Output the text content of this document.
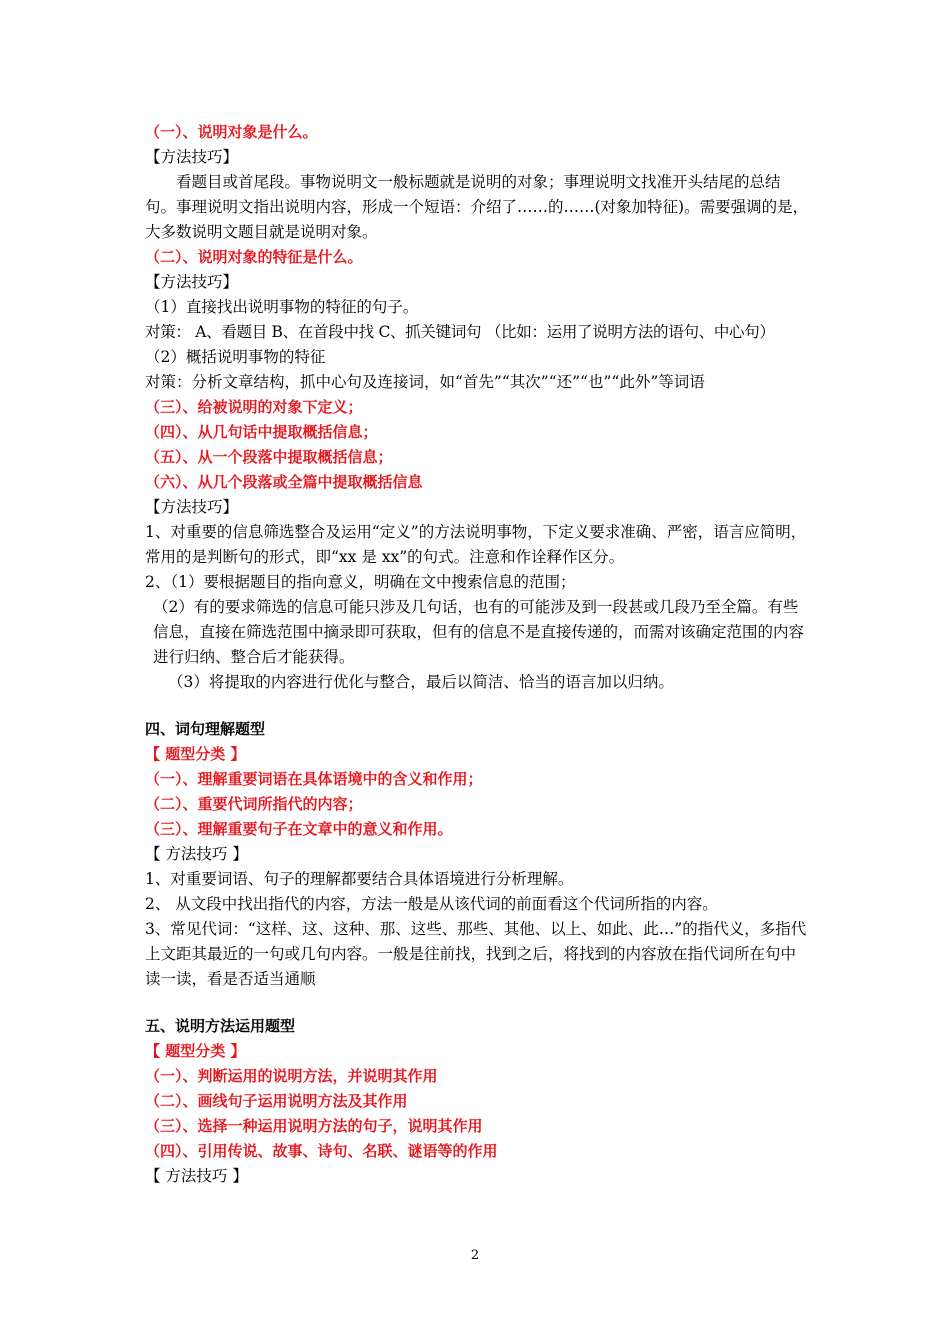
（一）、说明对象是什么。
【方法技巧】
看题目或首尾段。事物说明文一般标题就是说明的对象；事理说明文找准开头结尾的总结句。事理说明文指出说明内容，形成一个短语：介绍了……的……(对象加特征)。需要强调的是，大多数说明文题目就是说明对象。
（二）、说明对象的特征是什么。
【方法技巧】
（1）直接找出说明事物的特征的句子。
对策： A、看题目 B、在首段中找 C、抓关键词句 （比如：运用了说明方法的语句、中心句）
（2）概括说明事物的特征
对策：分析文章结构，抓中心句及连接词，如“首先”“其次”“还”“也”“此外”等词语
（三）、给被说明的对象下定义；
（四）、从几句话中提取概括信息；
（五）、从一个段落中提取概括信息；
（六）、从几个段落或全篇中提取概括信息
【方法技巧】
1、对重要的信息筛选整合及运用“定义”的方法说明事物，下定义要求准确、严密，语言应简明，常用的是判断句的形式，即“xx 是 xx”的句式。注意和作诠释作区分。
2、（1）要根据题目的指向意义，明确在文中搜索信息的范围；
（2）有的要求筛选的信息可能只涉及几句话，也有的可能涉及到一段甚或几段乃至全篇。有些信息，直接在筛选范围中摘录即可获取，但有的信息不是直接传递的，而需对该确定范围的内容进行归纳、整合后才能获得。
（3）将提取的内容进行优化与整合，最后以简洁、恰当的语言加以归纳。
四、词句理解题型
【 题型分类 】
（一）、理解重要词语在具体语境中的含义和作用；
（二）、重要代词所指代的内容；
（三）、理解重要句子在文章中的意义和作用。
【 方法技巧 】
1、对重要词语、句子的理解都要结合具体语境进行分析理解。
2、 从文段中找出指代的内容，方法一般是从该代词的前面看这个代词所指的内容。
3、常见代词：“这样、这、这种、那、这些、那些、其他、以上、如此、此…”的指代义，多指代上文距其最近的一句或几句内容。一般是往前找，找到之后，将找到的内容放在指代词所在句中读一读，看是否适当通顺
五、说明方法运用题型
【 题型分类 】
（一）、判断运用的说明方法，并说明其作用
（二）、画线句子运用说明方法及其作用
（三）、选择一种运用说明方法的句子，说明其作用
（四）、引用传说、故事、诗句、名联、谜语等的作用
【 方法技巧 】
2
